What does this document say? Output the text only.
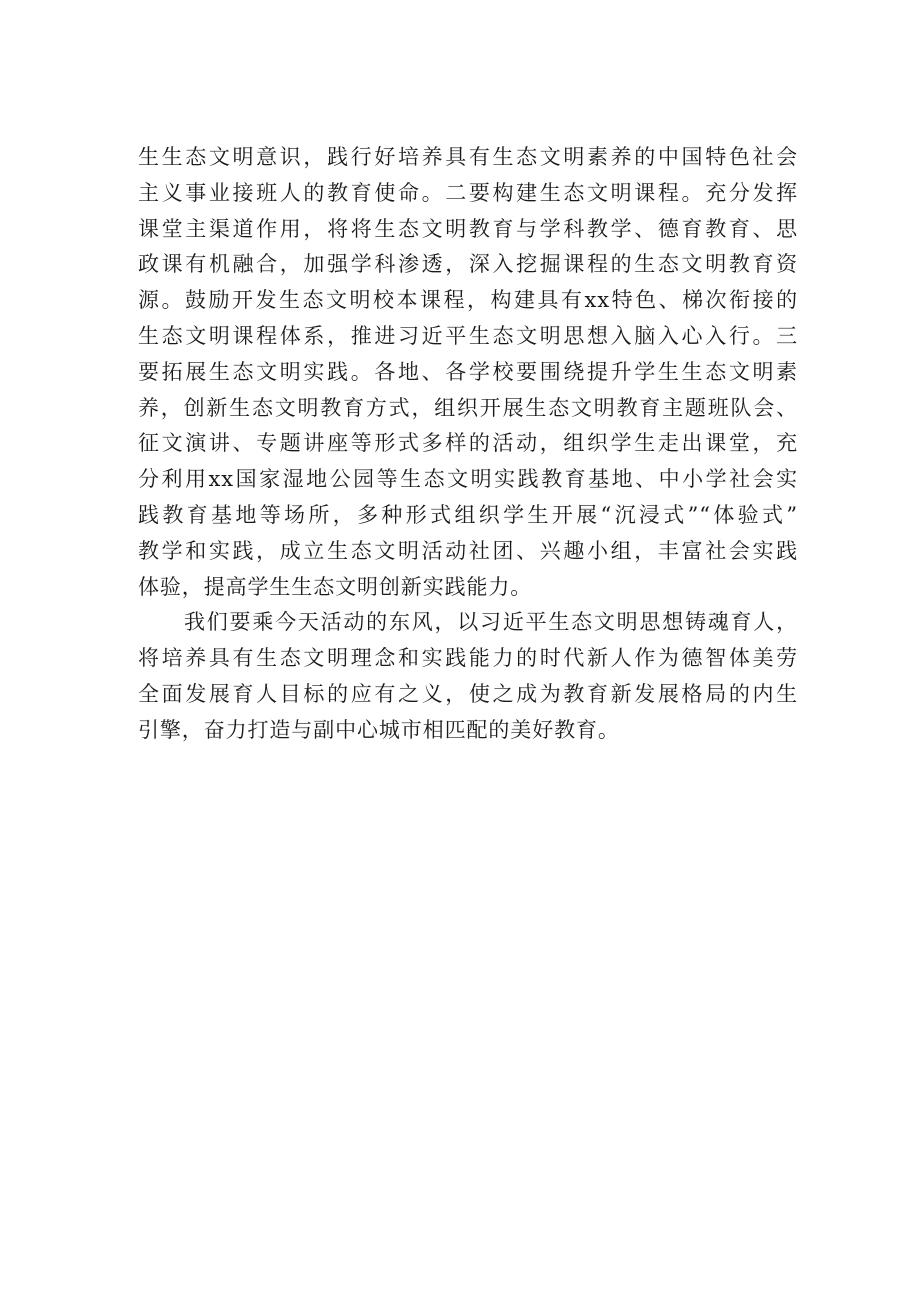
生生态文明意识，践行好培养具有生态文明素养的中国特色社会
主义事业接班人的教育使命。二要构建生态文明课程。充分发挥
课堂主渠道作用，将将生态文明教育与学科教学、德育教育、思
政课有机融合，加强学科渗透，深入挖掘课程的生态文明教育资
源。鼓励开发生态文明校本课程，构建具有xx特色、梯次衔接的
生态文明课程体系，推进习近平生态文明思想入脑入心入行。三
要拓展生态文明实践。各地、各学校要围绕提升学生生态文明素
养，创新生态文明教育方式，组织开展生态文明教育主题班队会、
征文演讲、专题讲座等形式多样的活动，组织学生走出课堂，充
分利用xx国家湿地公园等生态文明实践教育基地、中小学社会实
践教育基地等场所，多种形式组织学生开展“沉浸式”“体验式”
教学和实践，成立生态文明活动社团、兴趣小组，丰富社会实践
体验，提高学生生态文明创新实践能力。

我们要乘今天活动的东风，以习近平生态文明思想铸魂育人，
将培养具有生态文明理念和实践能力的时代新人作为德智体美劳
全面发展育人目标的应有之义，使之成为教育新发展格局的内生
引擎，奋力打造与副中心城市相匹配的美好教育。
